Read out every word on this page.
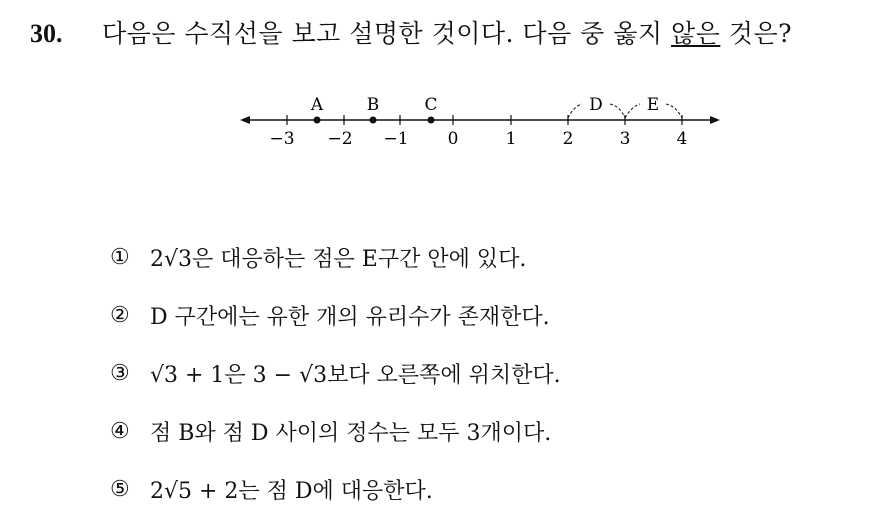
30.	다음은 수직선을 보고 설명한 것이다. 다음 중 옳지 않은 것은?
−3 −2 −1 0	1	2	3	4
A	B	C	D	E
① 2√3은 대응하는 점은 E구간 안에 있다.
② D 구간에는 유한 개의 유리수가 존재한다.
③ √3 + 1은 3 − √3보다 오른쪽에 위치한다.
④ 점 B와 점 D 사이의 정수는 모두 3개이다.
⑤ 2√5 + 2는 점 D에 대응한다.
